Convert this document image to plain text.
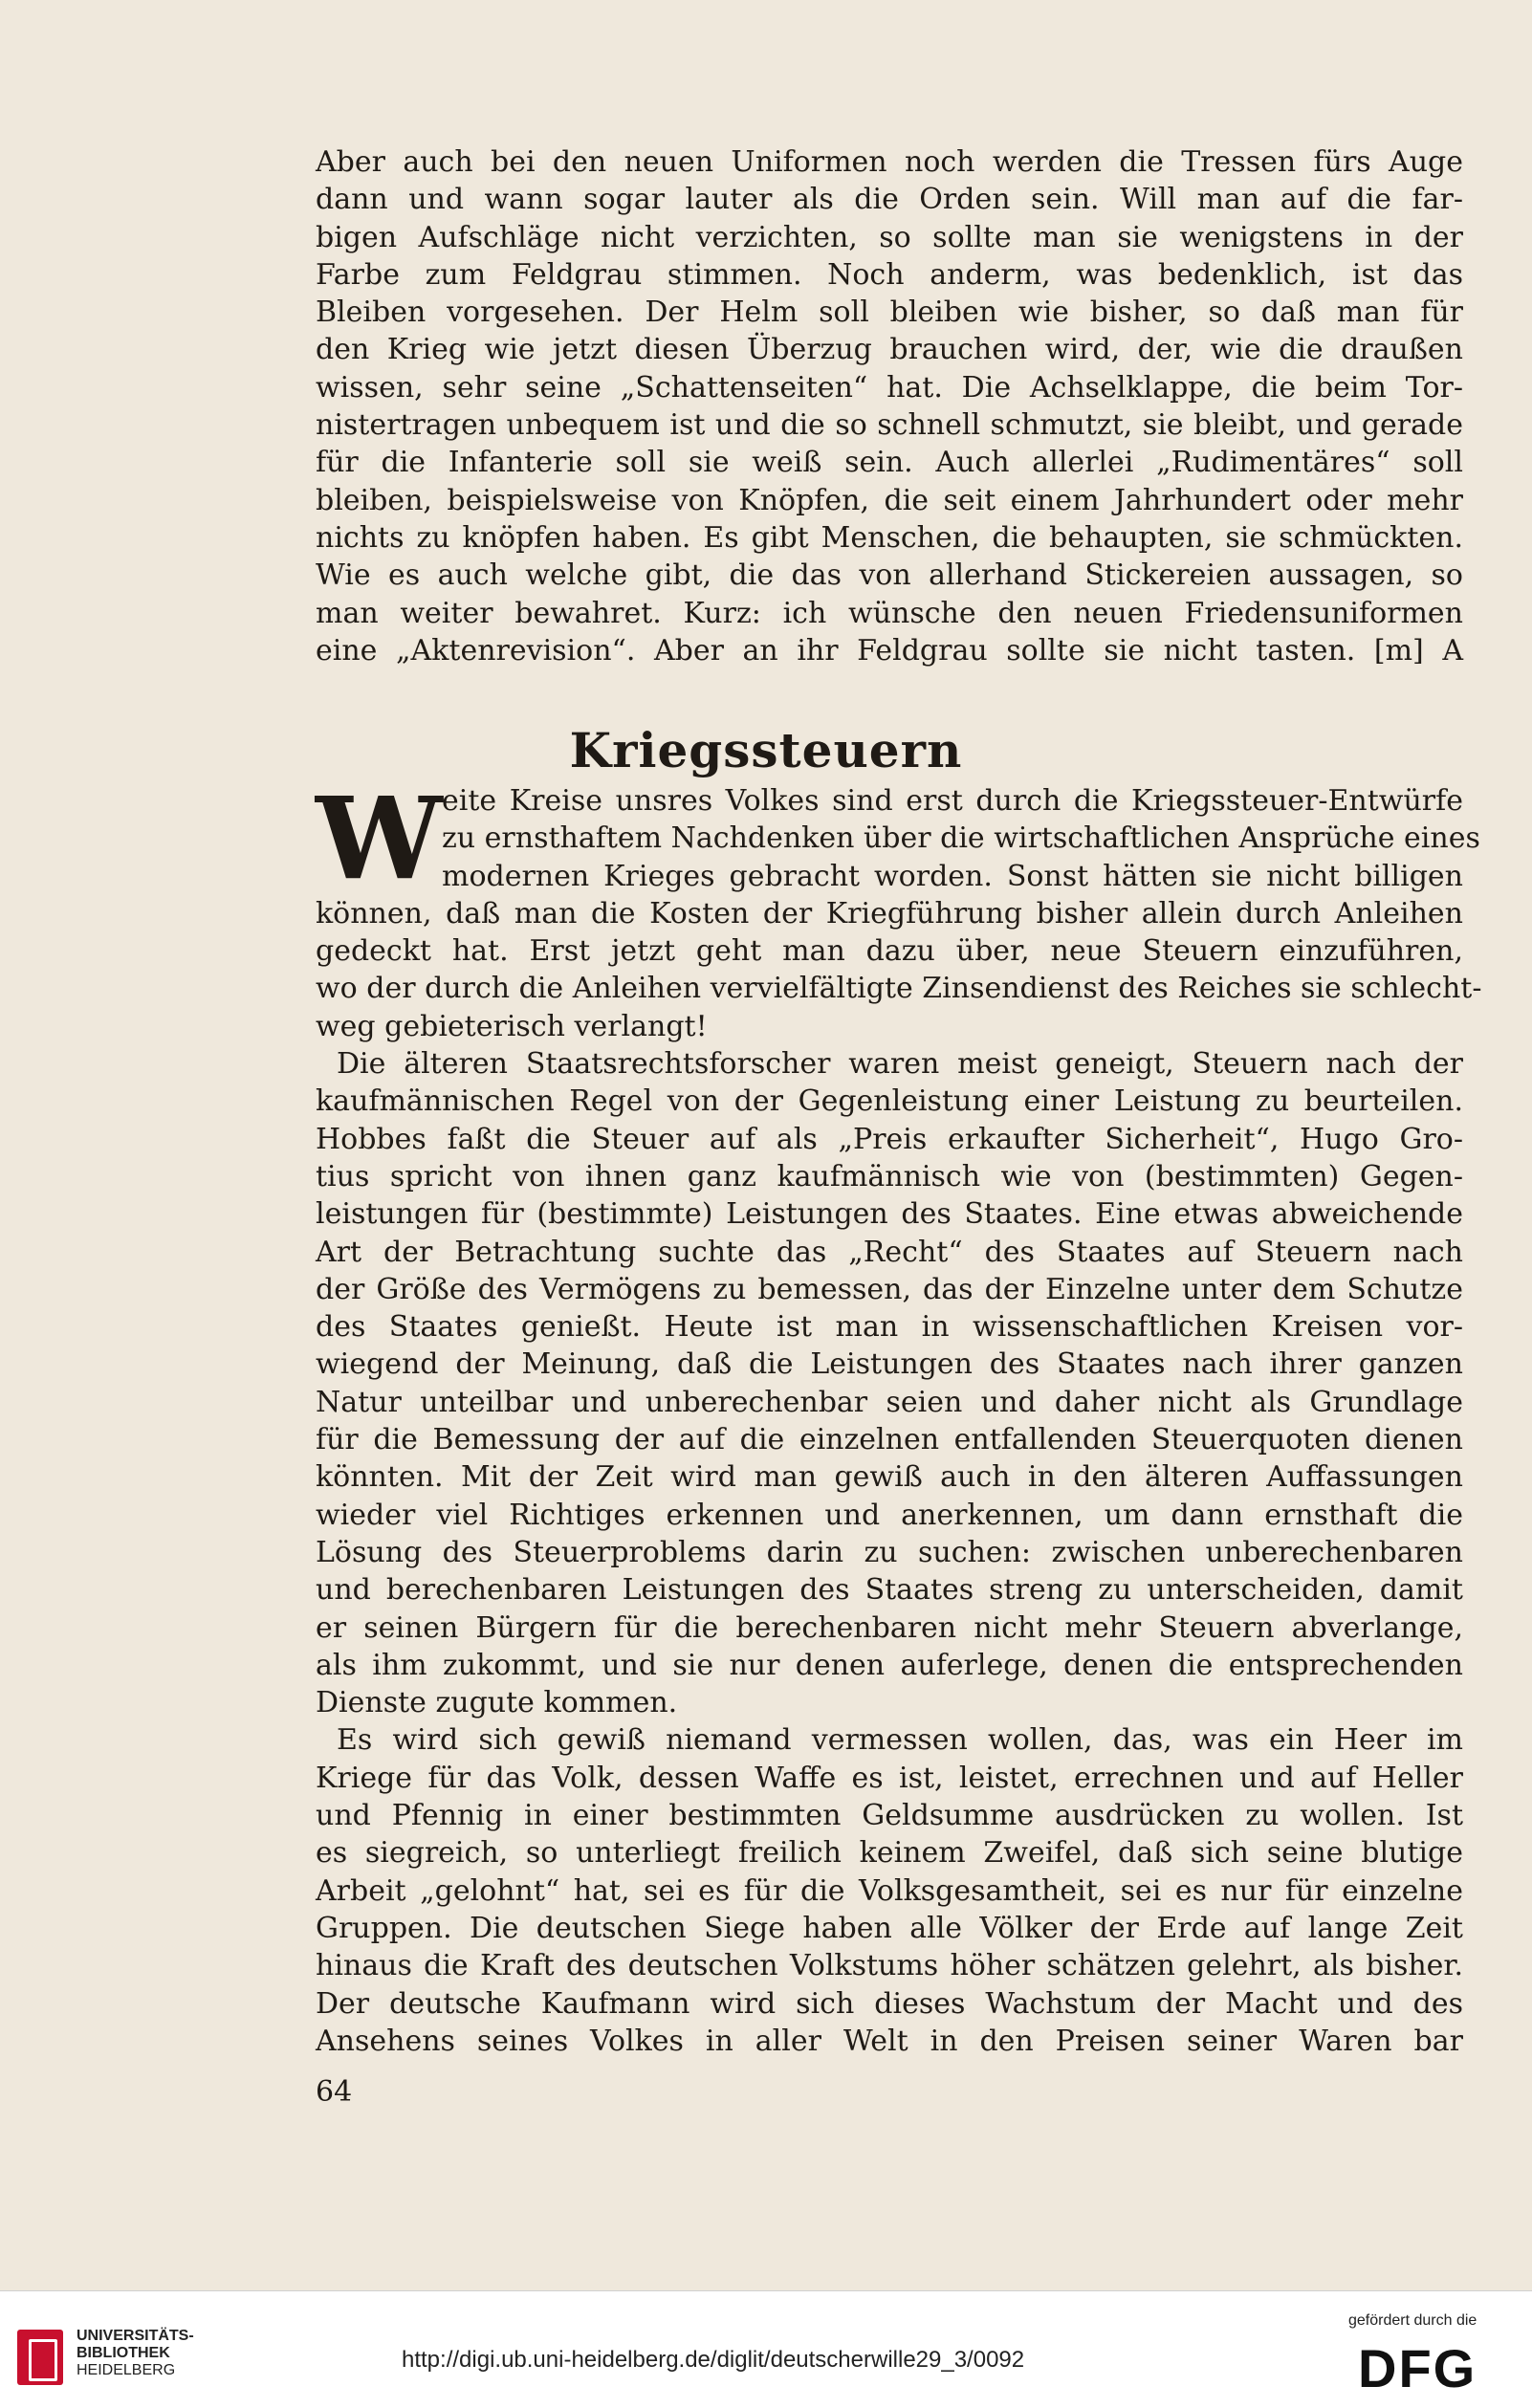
Aber auch bei den neuen Uniformen noch werden die Tressen fürs Auge
dann und wann sogar lauter als die Orden sein. Will man auf die far-
bigen Aufschläge nicht verzichten, so sollte man sie wenigstens in der
Farbe zum Feldgrau stimmen. Noch anderm, was bedenklich, ist das
Bleiben vorgesehen. Der Helm soll bleiben wie bisher, so daß man für
den Krieg wie jetzt diesen Überzug brauchen wird, der, wie die draußen
wissen, sehr seine „Schattenseiten“ hat. Die Achselklappe, die beim Tor-
nistertragen unbequem ist und die so schnell schmutzt, sie bleibt, und gerade
für die Infanterie soll sie weiß sein. Auch allerlei „Rudimentäres“ soll
bleiben, beispielsweise von Knöpfen, die seit einem Jahrhundert oder mehr
nichts zu knöpfen haben. Es gibt Menschen, die behaupten, sie schmückten.
Wie es auch welche gibt, die das von allerhand Stickereien aussagen, so
man weiter bewahret. Kurz: ich wünsche den neuen Friedensuniformen
eine „Aktenrevision“. Aber an ihr Feldgrau sollte sie nicht tasten. [m] A
Kriegssteuern
W eite Kreise unsres Volkes sind erst durch die Kriegssteuer-Entwürfe
zu ernsthaftem Nachdenken über die wirtschaftlichen Ansprüche eines
modernen Krieges gebracht worden. Sonst hätten sie nicht billigen
können, daß man die Kosten der Kriegführung bisher allein durch Anleihen
gedeckt hat. Erst jetzt geht man dazu über, neue Steuern einzuführen,
wo der durch die Anleihen vervielfältigte Zinsendienst des Reiches sie schlecht-
weg gebieterisch verlangt!
Die älteren Staatsrechtsforscher waren meist geneigt, Steuern nach der
kaufmännischen Regel von der Gegenleistung einer Leistung zu beurteilen.
Hobbes faßt die Steuer auf als „Preis erkaufter Sicherheit“, Hugo Gro-
tius spricht von ihnen ganz kaufmännisch wie von (bestimmten) Gegen-
leistungen für (bestimmte) Leistungen des Staates. Eine etwas abweichende
Art der Betrachtung suchte das „Recht“ des Staates auf Steuern nach
der Größe des Vermögens zu bemessen, das der Einzelne unter dem Schutze
des Staates genießt. Heute ist man in wissenschaftlichen Kreisen vor-
wiegend der Meinung, daß die Leistungen des Staates nach ihrer ganzen
Natur unteilbar und unberechenbar seien und daher nicht als Grundlage
für die Bemessung der auf die einzelnen entfallenden Steuerquoten dienen
könnten. Mit der Zeit wird man gewiß auch in den älteren Auffassungen
wieder viel Richtiges erkennen und anerkennen, um dann ernsthaft die
Lösung des Steuerproblems darin zu suchen: zwischen unberechenbaren
und berechenbaren Leistungen des Staates streng zu unterscheiden, damit
er seinen Bürgern für die berechenbaren nicht mehr Steuern abverlange,
als ihm zukommt, und sie nur denen auferlege, denen die entsprechenden
Dienste zugute kommen.
Es wird sich gewiß niemand vermessen wollen, das, was ein Heer im
Kriege für das Volk, dessen Waffe es ist, leistet, errechnen und auf Heller
und Pfennig in einer bestimmten Geldsumme ausdrücken zu wollen. Ist
es siegreich, so unterliegt freilich keinem Zweifel, daß sich seine blutige
Arbeit „gelohnt“ hat, sei es für die Volksgesamtheit, sei es nur für einzelne
Gruppen. Die deutschen Siege haben alle Völker der Erde auf lange Zeit
hinaus die Kraft des deutschen Volkstums höher schätzen gelehrt, als bisher.
Der deutsche Kaufmann wird sich dieses Wachstum der Macht und des
Ansehens seines Volkes in aller Welt in den Preisen seiner Waren bar
64
UNIVERSITÄTS-
BIBLIOTHEK
HEIDELBERG	http://digi.ub.uni-heidelberg.de/diglit/deutscherwille29_3/0092
gefördert durch die
DFG
